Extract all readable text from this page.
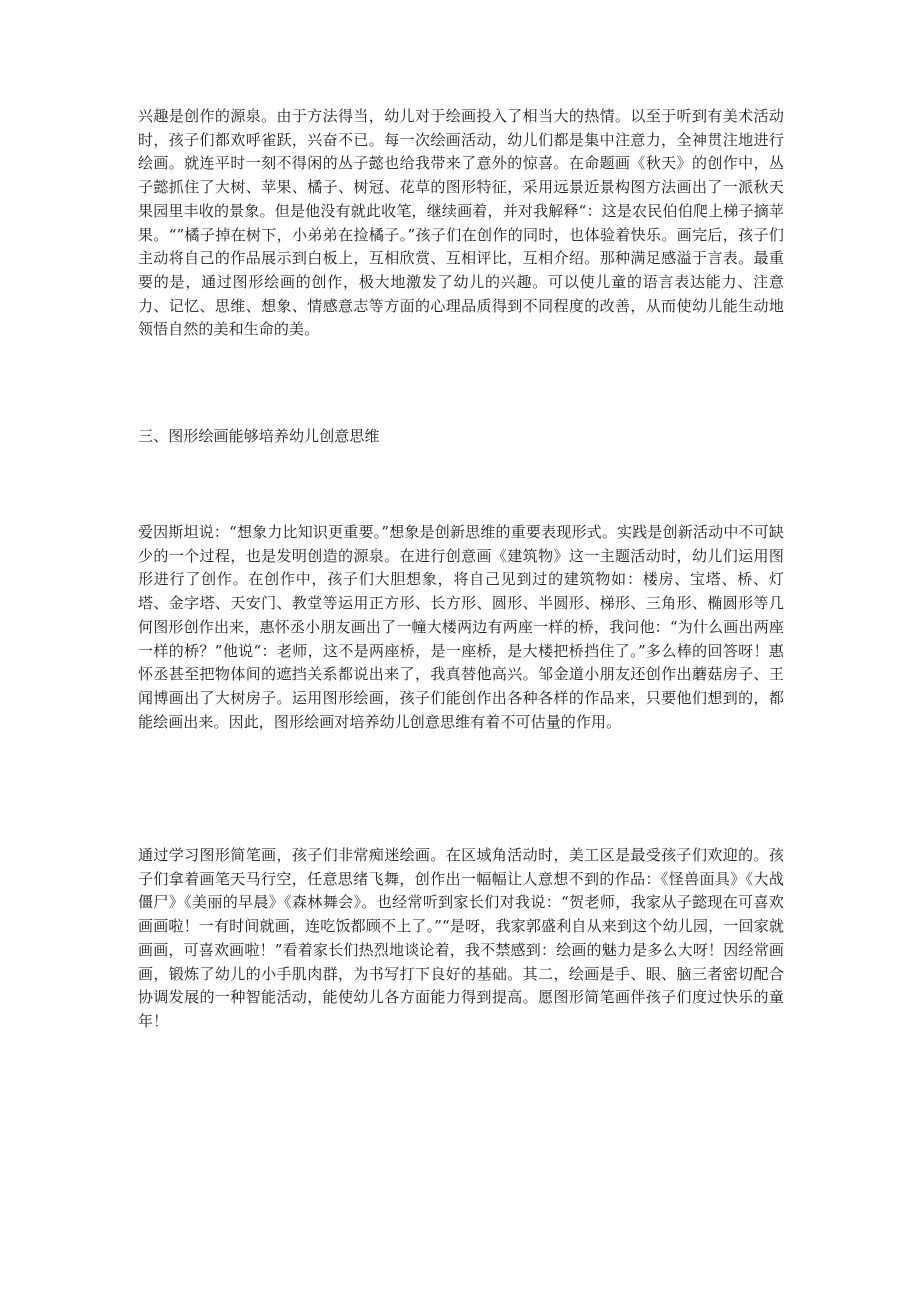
兴趣是创作的源泉。由于方法得当，幼儿对于绘画投入了相当大的热情。以至于听到有美术活动时，孩子们都欢呼雀跃，兴奋不已。每一次绘画活动，幼儿们都是集中注意力，全神贯注地进行绘画。就连平时一刻不得闲的丛子懿也给我带来了意外的惊喜。在命题画《秋天》的创作中，丛子懿抓住了大树、苹果、橘子、树冠、花草的图形特征，采用远景近景构图方法画出了一派秋天果园里丰收的景象。但是他没有就此收笔，继续画着，并对我解释“：这是农民伯伯爬上梯子摘苹果。“”橘子掉在树下，小弟弟在捡橘子。”孩子们在创作的同时，也体验着快乐。画完后，孩子们主动将自己的作品展示到白板上，互相欣赏、互相评比，互相介绍。那种满足感溢于言表。最重要的是，通过图形绘画的创作，极大地激发了幼儿的兴趣。可以使儿童的语言表达能力、注意力、记忆、思维、想象、情感意志等方面的心理品质得到不同程度的改善，从而使幼儿能生动地领悟自然的美和生命的美。

三、图形绘画能够培养幼儿创意思维

爱因斯坦说：“想象力比知识更重要。”想象是创新思维的重要表现形式。实践是创新活动中不可缺少的一个过程，也是发明创造的源泉。在进行创意画《建筑物》这一主题活动时，幼儿们运用图形进行了创作。在创作中，孩子们大胆想象，将自己见到过的建筑物如：楼房、宝塔、桥、灯塔、金字塔、天安门、教堂等运用正方形、长方形、圆形、半圆形、梯形、三角形、椭圆形等几何图形创作出来，惠怀丞小朋友画出了一幢大楼两边有两座一样的桥，我问他：“为什么画出两座一样的桥？”他说“：老师，这不是两座桥，是一座桥，是大楼把桥挡住了。”多么棒的回答呀！惠怀丞甚至把物体间的遮挡关系都说出来了，我真替他高兴。邹金道小朋友还创作出蘑菇房子、王闻博画出了大树房子。运用图形绘画，孩子们能创作出各种各样的作品来，只要他们想到的，都能绘画出来。因此，图形绘画对培养幼儿创意思维有着不可估量的作用。

通过学习图形简笔画，孩子们非常痴迷绘画。在区域角活动时，美工区是最受孩子们欢迎的。孩子们拿着画笔天马行空，任意思绪飞舞，创作出一幅幅让人意想不到的作品：《怪兽面具》《大战僵尸》《美丽的早晨》《森林舞会》。也经常听到家长们对我说：“贺老师，我家从子懿现在可喜欢画画啦！一有时间就画，连吃饭都顾不上了。”“是呀，我家郭盛利自从来到这个幼儿园，一回家就画画，可喜欢画啦！”看着家长们热烈地谈论着，我不禁感到：绘画的魅力是多么大呀！因经常画画，锻炼了幼儿的小手肌肉群，为书写打下良好的基础。其二，绘画是手、眼、脑三者密切配合协调发展的一种智能活动，能使幼儿各方面能力得到提高。愿图形简笔画伴孩子们度过快乐的童年！
